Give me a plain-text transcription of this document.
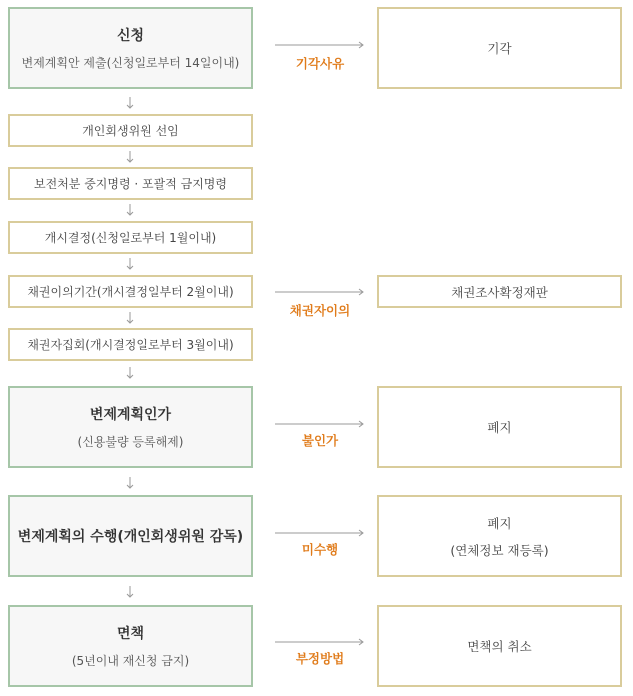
신청
변제계획안 제출(신청일로부터 14일이내)
개인회생위원 선임
보전처분 중지명령 · 포괄적 금지명령
개시결정(신청일로부터 1월이내)
채권이의기간(개시결정일부터 2월이내)
채권자집회(개시결정일로부터 3월이내)
변제계획인가
(신용불량 등록해제)
변제계획의 수행(개인회생위원 감독)
면책
(5년이내 재신청 금지)
기각사유
채권자이의
불인가
미수행
부정방법
기각
채권조사확정재판
폐지
폐지
(연체정보 재등록)
면책의 취소
